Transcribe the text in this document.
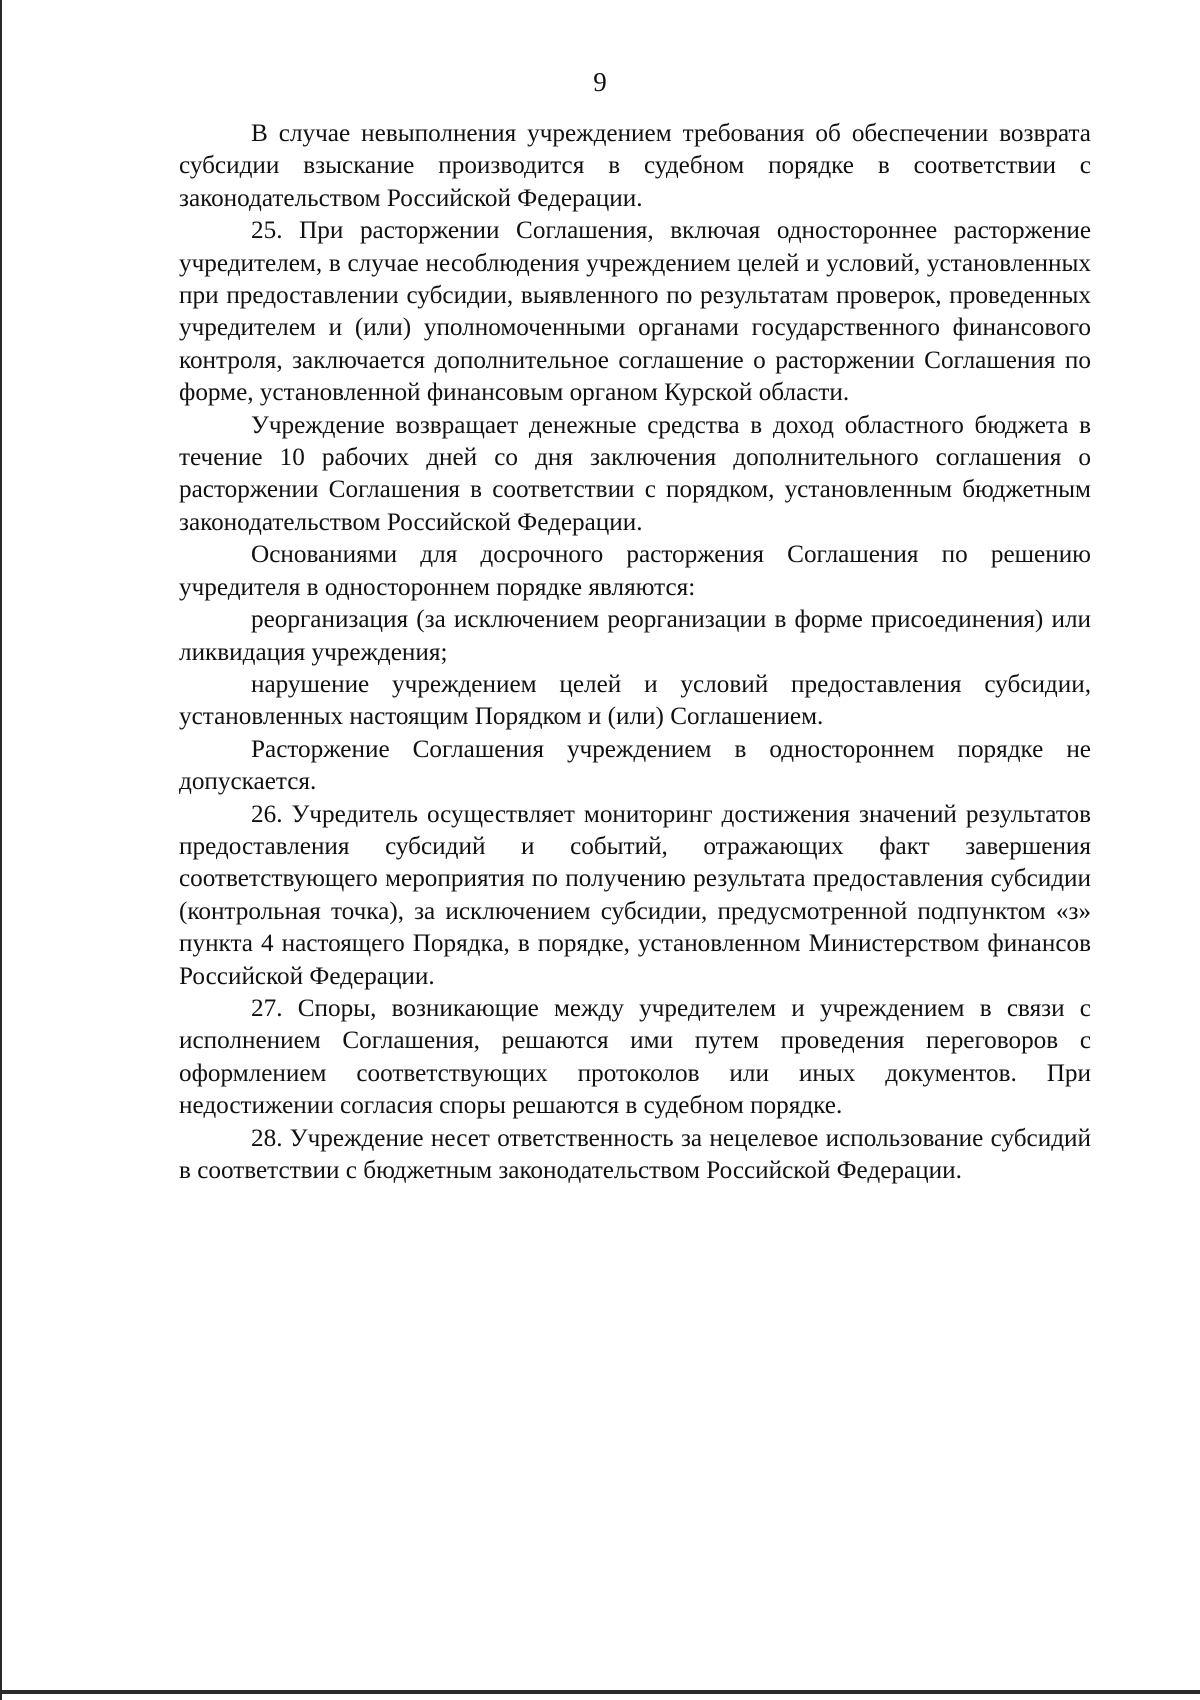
9

В случае невыполнения учреждением требования об обеспечении возврата субсидии взыскание производится в судебном порядке в соответствии с законодательством Российской Федерации.

25. При расторжении Соглашения, включая одностороннее расторжение учредителем, в случае несоблюдения учреждением целей и условий, установленных при предоставлении субсидии, выявленного по результатам проверок, проведенных учредителем и (или) уполномоченными органами государственного финансового контроля, заключается дополнительное соглашение о расторжении Соглашения по форме, установленной финансовым органом Курской области.

Учреждение возвращает денежные средства в доход областного бюджета в течение 10 рабочих дней со дня заключения дополнительного соглашения о расторжении Соглашения в соответствии с порядком, установленным бюджетным законодательством Российской Федерации.

Основаниями для досрочного расторжения Соглашения по решению учредителя в одностороннем порядке являются:

реорганизация (за исключением реорганизации в форме присоединения) или ликвидация учреждения;

нарушение учреждением целей и условий предоставления субсидии, установленных настоящим Порядком и (или) Соглашением.

Расторжение Соглашения учреждением в одностороннем порядке не допускается.

26. Учредитель осуществляет мониторинг достижения значений результатов предоставления субсидий и событий, отражающих факт завершения соответствующего мероприятия по получению результата предоставления субсидии (контрольная точка), за исключением субсидии, предусмотренной подпунктом «з» пункта 4 настоящего Порядка, в порядке, установленном Министерством финансов Российской Федерации.

27. Споры, возникающие между учредителем и учреждением в связи с исполнением Соглашения, решаются ими путем проведения переговоров с оформлением соответствующих протоколов или иных документов. При недостижении согласия споры решаются в судебном порядке.

28. Учреждение несет ответственность за нецелевое использование субсидий в соответствии с бюджетным законодательством Российской Федерации.
